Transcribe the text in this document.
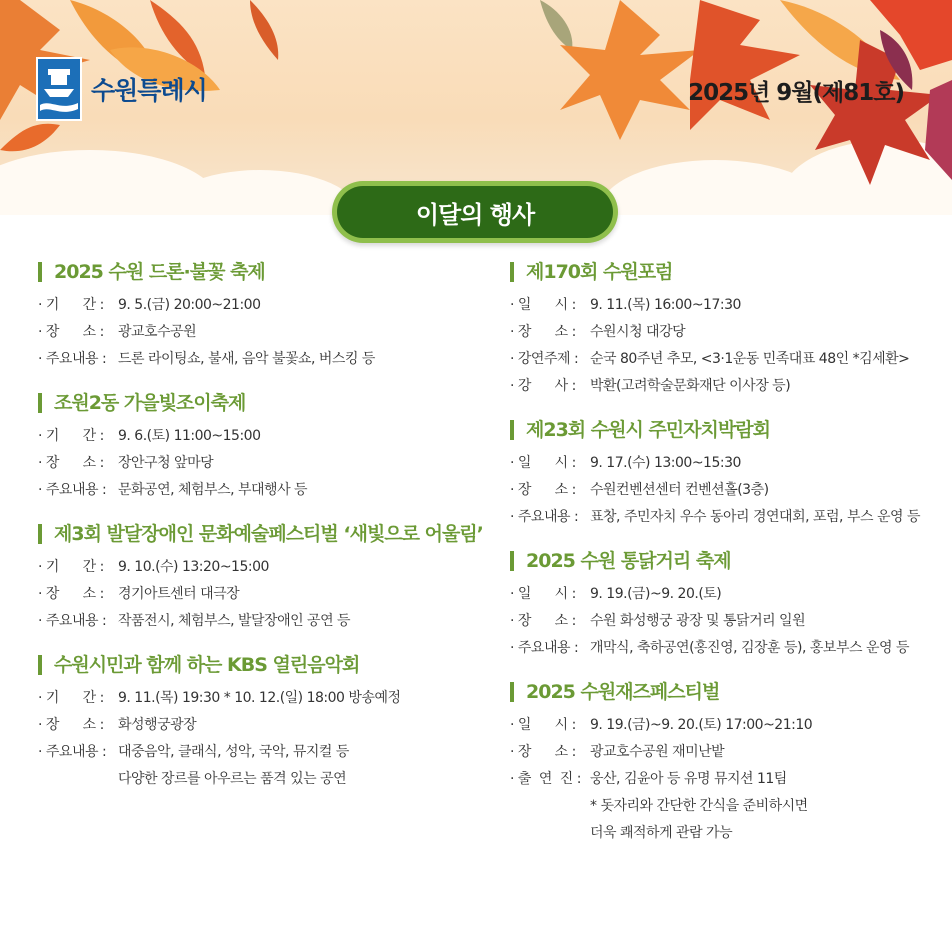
수원특례시	2025년 9월(제81호)
이달의 행사
2025 수원 드론·불꽃 축제
· 기      간 :	9. 5.(금) 20:00~21:00
· 장      소 :	광교호수공원
· 주요내용 : 드론 라이팅쇼, 불새, 음악 불꽃쇼, 버스킹 등
조원2동 가을빛조이축제
· 기      간 :	9. 6.(토) 11:00~15:00
· 장      소 :	장안구청 앞마당
· 주요내용 : 문화공연, 체험부스, 부대행사 등
제3회 발달장애인 문화예술페스티벌 ‘새빛으로 어울림’
· 기      간 :	9. 10.(수) 13:20~15:00
· 장      소 :	경기아트센터 대극장
· 주요내용 : 작품전시, 체험부스, 발달장애인 공연 등
수원시민과 함께 하는 KBS 열린음악회
· 기      간 :	9. 11.(목) 19:30 * 10. 12.(일) 18:00 방송예정
· 장      소 :	화성행궁광장
· 주요내용 : 대중음악, 클래식, 성악, 국악, 뮤지컬 등
다양한 장르를 아우르는 품격 있는 공연
제170회 수원포럼
· 일      시 :	9. 11.(목) 16:00~17:30
· 장      소 :	수원시청 대강당
· 강연주제 : 순국 80주년 추모, <3·1운동 민족대표 48인 *김세환>
· 강      사 :	박환(고려학술문화재단 이사장 등)
제23회 수원시 주민자치박람회
· 일      시 :	9. 17.(수) 13:00~15:30
· 장      소 :	수원컨벤션센터 컨벤션홀(3층)
· 주요내용 : 표창, 주민자치 우수 동아리 경연대회, 포럼, 부스 운영 등
2025 수원 통닭거리 축제
· 일      시 :	9. 19.(금)~9. 20.(토)
· 장      소 :	수원 화성행궁 광장 및 통닭거리 일원
· 주요내용 : 개막식, 축하공연(홍진영, 김장훈 등), 홍보부스 운영 등
2025 수원재즈페스티벌
· 일      시 :	9. 19.(금)~9. 20.(토) 17:00~21:10
· 장      소 :	광교호수공원 재미난밭
· 출  연  진 : 웅산, 김윤아 등 유명 뮤지션 11팀
* 돗자리와 간단한 간식을 준비하시면
더욱 쾌적하게 관람 가능
